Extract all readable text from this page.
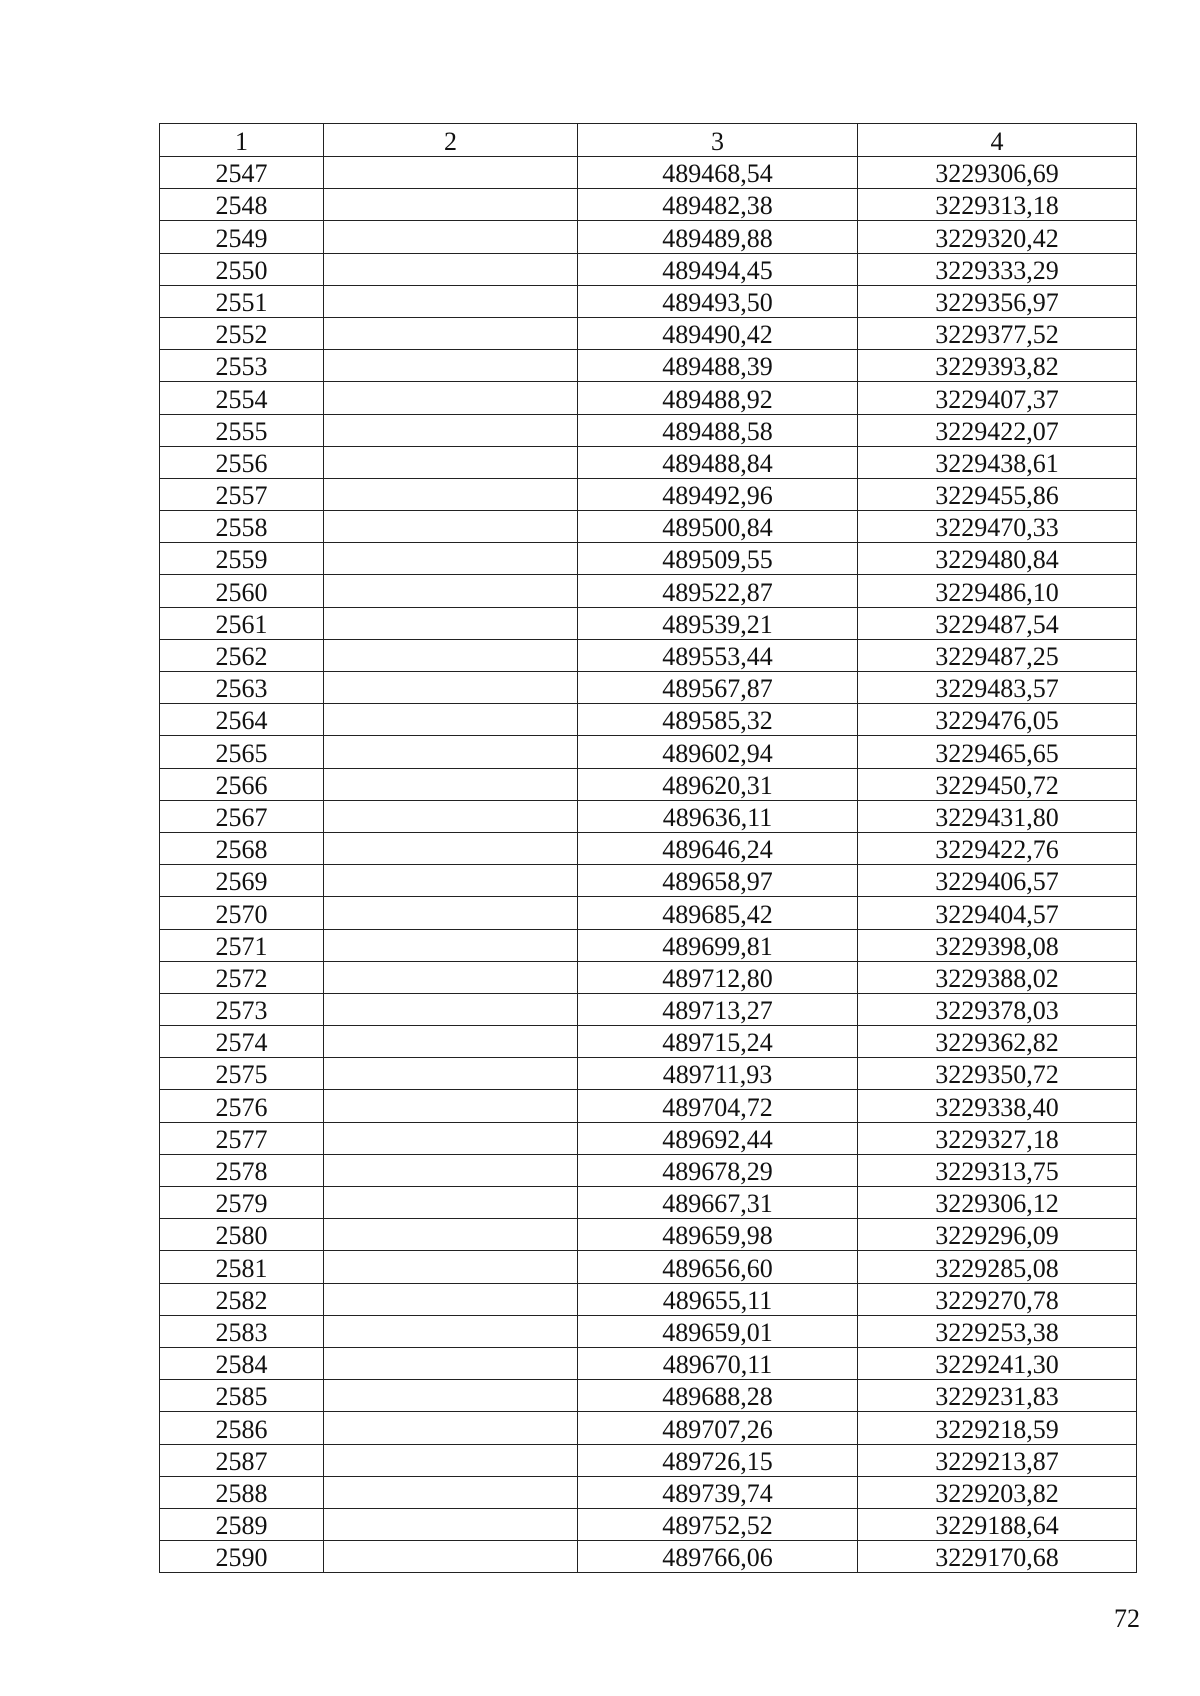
1	2	3	4
2547		489468,54	3229306,69
2548		489482,38	3229313,18
2549		489489,88	3229320,42
2550		489494,45	3229333,29
2551		489493,50	3229356,97
2552		489490,42	3229377,52
2553		489488,39	3229393,82
2554		489488,92	3229407,37
2555		489488,58	3229422,07
2556		489488,84	3229438,61
2557		489492,96	3229455,86
2558		489500,84	3229470,33
2559		489509,55	3229480,84
2560		489522,87	3229486,10
2561		489539,21	3229487,54
2562		489553,44	3229487,25
2563		489567,87	3229483,57
2564		489585,32	3229476,05
2565		489602,94	3229465,65
2566		489620,31	3229450,72
2567		489636,11	3229431,80
2568		489646,24	3229422,76
2569		489658,97	3229406,57
2570		489685,42	3229404,57
2571		489699,81	3229398,08
2572		489712,80	3229388,02
2573		489713,27	3229378,03
2574		489715,24	3229362,82
2575		489711,93	3229350,72
2576		489704,72	3229338,40
2577		489692,44	3229327,18
2578		489678,29	3229313,75
2579		489667,31	3229306,12
2580		489659,98	3229296,09
2581		489656,60	3229285,08
2582		489655,11	3229270,78
2583		489659,01	3229253,38
2584		489670,11	3229241,30
2585		489688,28	3229231,83
2586		489707,26	3229218,59
2587		489726,15	3229213,87
2588		489739,74	3229203,82
2589		489752,52	3229188,64
2590		489766,06	3229170,68
72
